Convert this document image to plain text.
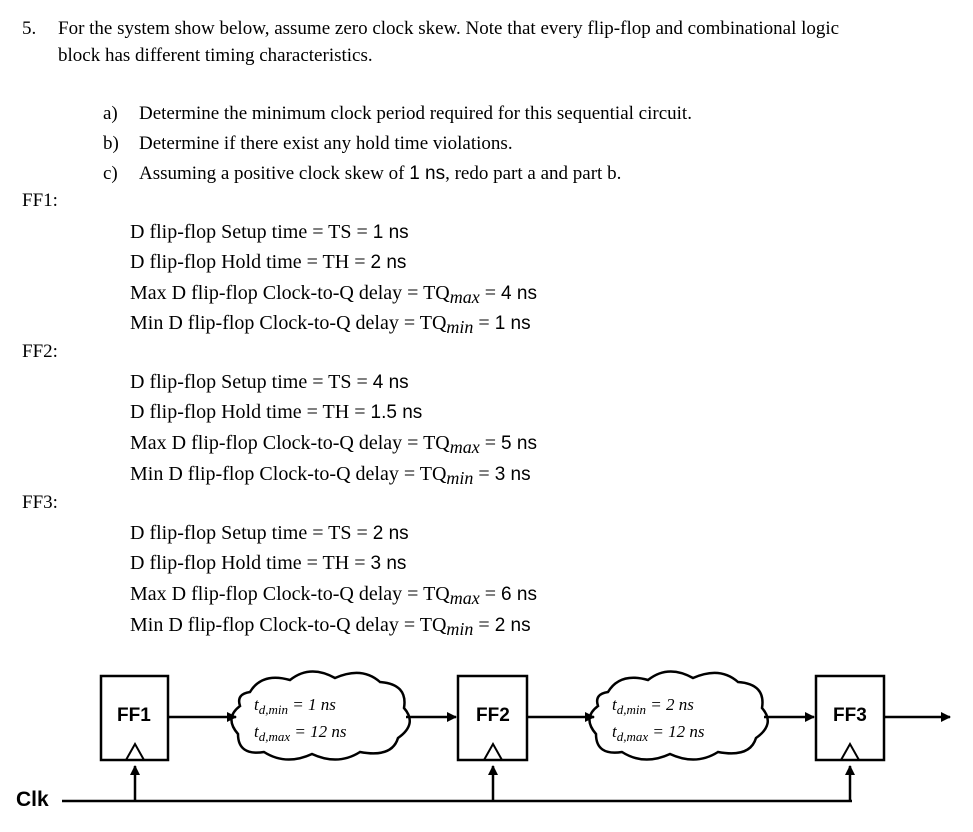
5. For the system show below, assume zero clock skew. Note that every flip-flop and combinational logic
block has different timing characteristics.
a) Determine the minimum clock period required for this sequential circuit.
b) Determine if there exist any hold time violations.
c) Assuming a positive clock skew of 1 ns, redo part a and part b.
FF1:
D flip-flop Setup time = TS = 1 ns
D flip-flop Hold time = TH = 2 ns
Max D flip-flop Clock-to-Q delay = TQmax = 4 ns
Min D flip-flop Clock-to-Q delay = TQmin = 1 ns
FF2:
D flip-flop Setup time = TS = 4 ns
D flip-flop Hold time = TH = 1.5 ns
Max D flip-flop Clock-to-Q delay = TQmax = 5 ns
Min D flip-flop Clock-to-Q delay = TQmin = 3 ns
FF3:
D flip-flop Setup time = TS = 2 ns
D flip-flop Hold time = TH = 3 ns
Max D flip-flop Clock-to-Q delay = TQmax = 6 ns
Min D flip-flop Clock-to-Q delay = TQmin = 2 ns
Clk
FF1	FF2	FF3
$t_{d,min} = 1$ ns
$t_{d,max} = 12$ ns
$t_{d,min} = 2$ ns
$t_{d,max} = 12$ ns
